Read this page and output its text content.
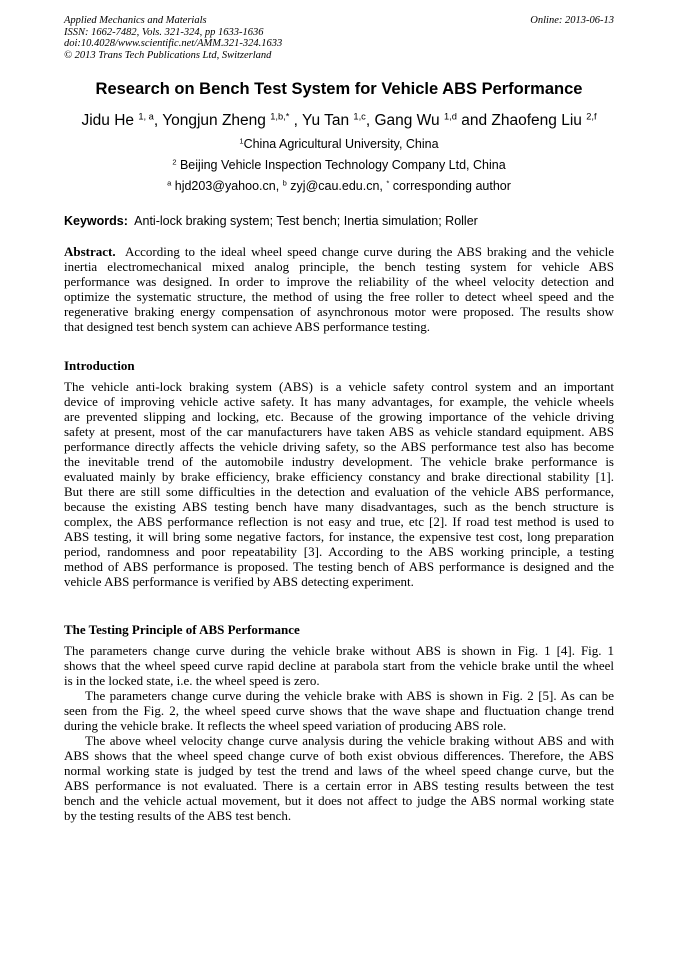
Applied Mechanics and Materials
ISSN: 1662-7482, Vols. 321-324, pp 1633-1636
doi:10.4028/www.scientific.net/AMM.321-324.1633
© 2013 Trans Tech Publications Ltd, Switzerland
Online: 2013-06-13
Research on Bench Test System for Vehicle ABS Performance
Jidu He $^{1, a}$, Yongjun Zheng $^{1,b,*}$ , Yu Tan $^{1,c}$, Gang Wu $^{1,d}$ and Zhaofeng Liu $^{2,f}$
$^1$China Agricultural University, China
$^2$ Beijing Vehicle Inspection Technology Company Ltd, China
$^a$ hjd203@yahoo.cn, $^b$ zyj@cau.edu.cn, * corresponding author
Keywords:  Anti-lock braking system; Test bench; Inertia simulation; Roller
Abstract.  According to the ideal wheel speed change curve during the ABS braking and the vehicle
inertia electromechanical mixed analog principle, the bench testing system for vehicle ABS
performance was designed. In order to improve the reliability of the wheel velocity detection and
optimize the systematic structure, the method of using the free roller to detect wheel speed and the
regenerative braking energy compensation of asynchronous motor were proposed. The results show
that designed test bench system can achieve ABS performance testing.
Introduction
The vehicle anti-lock braking system (ABS) is a vehicle safety control system and an important
device of improving vehicle active safety. It has many advantages, for example, the vehicle wheels
are prevented slipping and locking, etc. Because of the growing importance of the vehicle driving
safety at present, most of the car manufacturers have taken ABS as vehicle standard equipment. ABS
performance directly affects the vehicle driving safety, so the ABS performance test also has become
the inevitable trend of the automobile industry development. The vehicle brake performance is
evaluated mainly by brake efficiency, brake efficiency constancy and brake directional stability [1].
But there are still some difficulties in the detection and evaluation of the vehicle ABS performance,
because the existing ABS testing bench have many disadvantages, such as the bench structure is
complex, the ABS performance reflection is not easy and true, etc [2]. If road test method is used to
ABS testing, it will bring some negative factors, for instance, the expensive test cost, long preparation
period, randomness and poor repeatability [3]. According to the ABS working principle, a testing
method of ABS performance is proposed. The testing bench of ABS performance is designed and the
vehicle ABS performance is verified by ABS detecting experiment.
The Testing Principle of ABS Performance
The parameters change curve during the vehicle brake without ABS is shown in Fig. 1 [4]. Fig. 1
shows that the wheel speed curve rapid decline at parabola start from the vehicle brake until the wheel
is in the locked state, i.e. the wheel speed is zero.
The parameters change curve during the vehicle brake with ABS is shown in Fig. 2 [5]. As can be
seen from the Fig. 2, the wheel speed curve shows that the wave shape and fluctuation change trend
during the vehicle brake. It reflects the wheel speed variation of producing ABS role.
The above wheel velocity change curve analysis during the vehicle braking without ABS and with
ABS shows that the wheel speed change curve of both exist obvious differences. Therefore, the ABS
normal working state is judged by test the trend and laws of the wheel speed change curve, but the
ABS performance is not evaluated. There is a certain error in ABS testing results between the test
bench and the vehicle actual movement, but it does not affect to judge the ABS normal working state
by the testing results of the ABS test bench.
